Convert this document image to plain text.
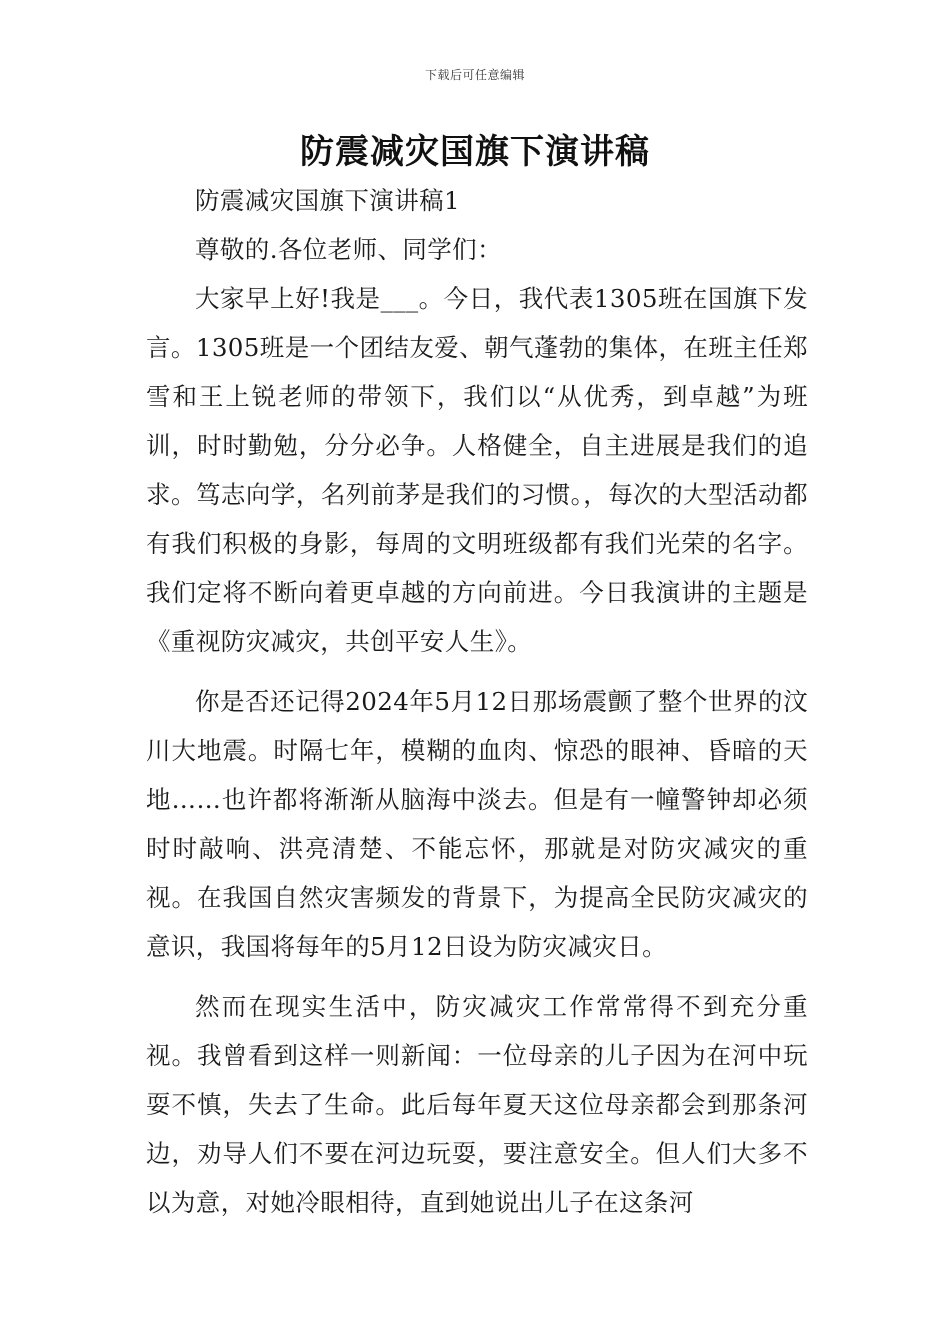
下载后可任意编辑
防震减灾国旗下演讲稿

防震减灾国旗下演讲稿1

尊敬的.各位老师、同学们：

大家早上好!我是___。今日，我代表1305班在国旗下发言。1305班是一个团结友爱、朝气蓬勃的集体，在班主任郑雪和王上锐老师的带领下，我们以“从优秀，到卓越”为班训，时时勤勉，分分必争。人格健全，自主进展是我们的追求。笃志向学，名列前茅是我们的习惯。，每次的大型活动都有我们积极的身影，每周的文明班级都有我们光荣的名字。我们定将不断向着更卓越的方向前进。今日我演讲的主题是《重视防灾减灾，共创平安人生》。

你是否还记得2024年5月12日那场震颤了整个世界的汶川大地震。时隔七年，模糊的血肉、惊恐的眼神、昏暗的天地……也许都将渐渐从脑海中淡去。但是有一幢警钟却必须时时敲响、洪亮清楚、不能忘怀，那就是对防灾减灾的重视。在我国自然灾害频发的背景下，为提高全民防灾减灾的意识，我国将每年的5月12日设为防灾减灾日。

然而在现实生活中，防灾减灾工作常常得不到充分重视。我曾看到这样一则新闻：一位母亲的儿子因为在河中玩耍不慎，失去了生命。此后每年夏天这位母亲都会到那条河边，劝导人们不要在河边玩耍，要注意安全。但人们大多不以为意，对她冷眼相待，直到她说出儿子在这条河
